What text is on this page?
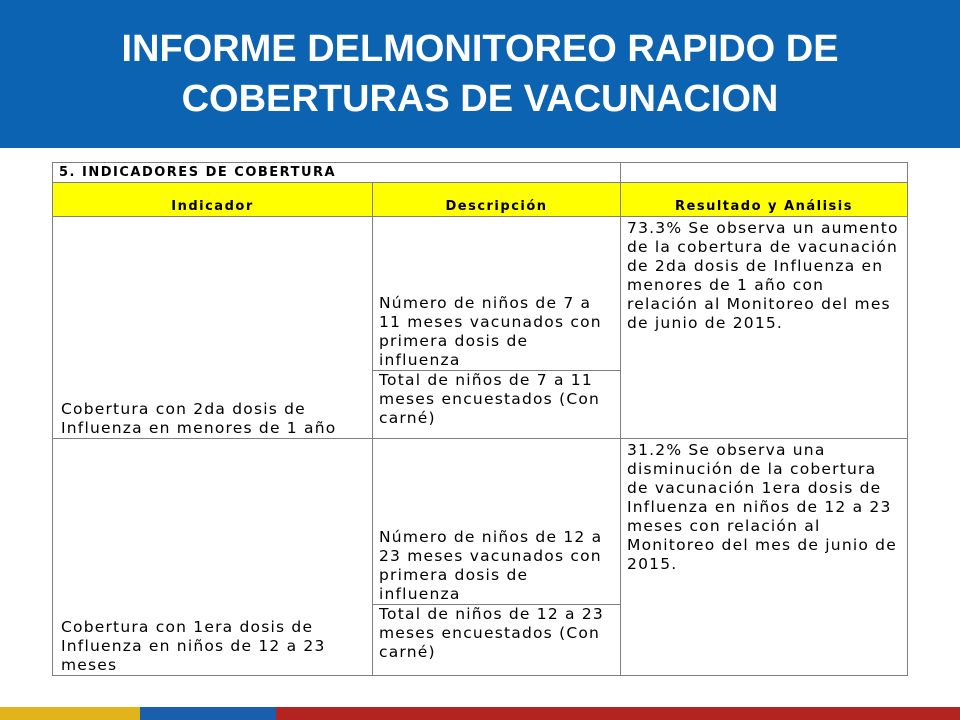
INFORME DELMONITOREO RAPIDO DE COBERTURAS DE VACUNACION
5. INDICADORES DE COBERTURA		
Indicador	Descripción	Resultado y Análisis
Cobertura con 2da dosis de Influenza en menores de 1 año	Número de niños de 7 a 11 meses vacunados con primera dosis de influenza	73.3% Se observa un aumento de la cobertura de vacunación de 2da dosis de Influenza en menores de 1 año con relación al Monitoreo del mes de junio de 2015.
	Total de niños de 7 a 11 meses encuestados (Con carné)	
Cobertura con 1era dosis de Influenza en niños de 12 a 23 meses	Número de niños de 12 a 23 meses vacunados con primera dosis de influenza	31.2% Se observa una disminución de la cobertura de vacunación 1era dosis de Influenza en niños de 12 a 23 meses con relación al Monitoreo del mes de junio de 2015.
	Total de niños de 12 a 23 meses encuestados (Con carné)	
